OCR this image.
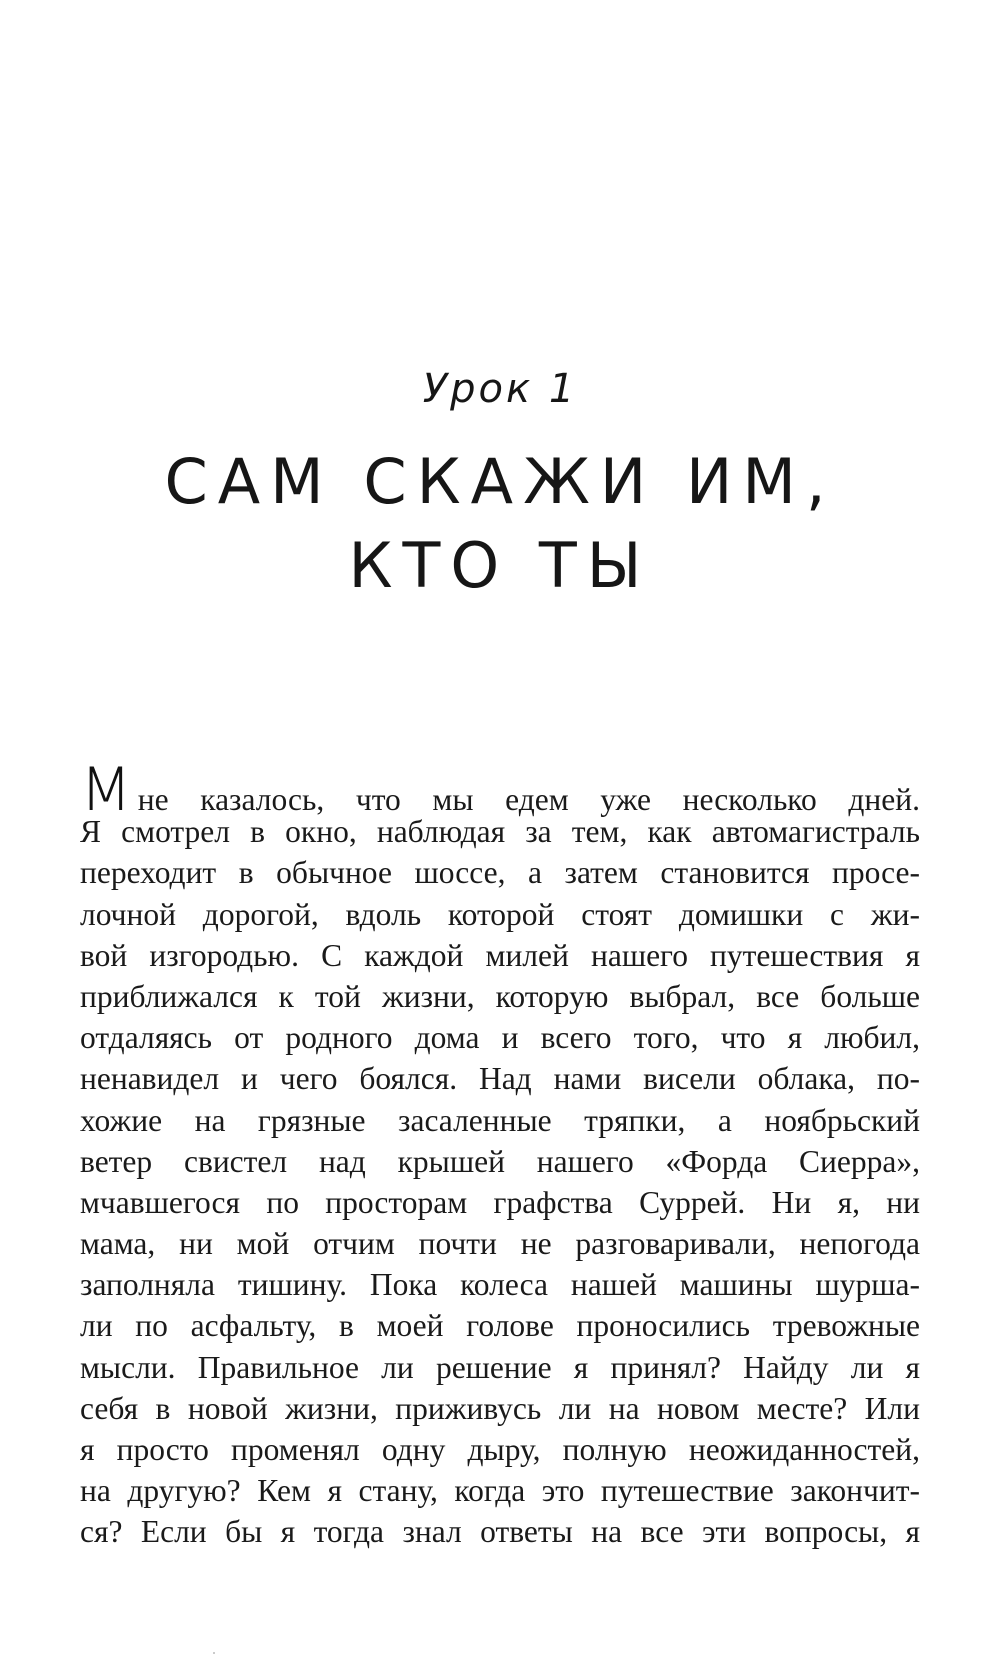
Урок 1
САМ СКАЖИ ИМ,
КТО ТЫ
М не казалось, что мы едем уже несколько дней.
Я смотрел в окно, наблюдая за тем, как автомагистраль
переходит в обычное шоссе, а затем становится просе-
лочной дорогой, вдоль которой стоят домишки с жи-
вой изгородью. С каждой милей нашего путешествия я
приближался к той жизни, которую выбрал, все больше
отдаляясь от родного дома и всего того, что я любил,
ненавидел и чего боялся. Над нами висели облака, по-
хожие на грязные засаленные тряпки, а ноябрьский
ветер свистел над крышей нашего «Форда Сиерра»,
мчавшегося по просторам графства Суррей. Ни я, ни
мама, ни мой отчим почти не разговаривали, непогода
заполняла тишину. Пока колеса нашей машины шурша-
ли по асфальту, в моей голове проносились тревожные
мысли. Правильное ли решение я принял? Найду ли я
себя в новой жизни, приживусь ли на новом месте? Или
я просто променял одну дыру, полную неожиданностей,
на другую? Кем я стану, когда это путешествие закончит-
ся? Если бы я тогда знал ответы на все эти вопросы, я
